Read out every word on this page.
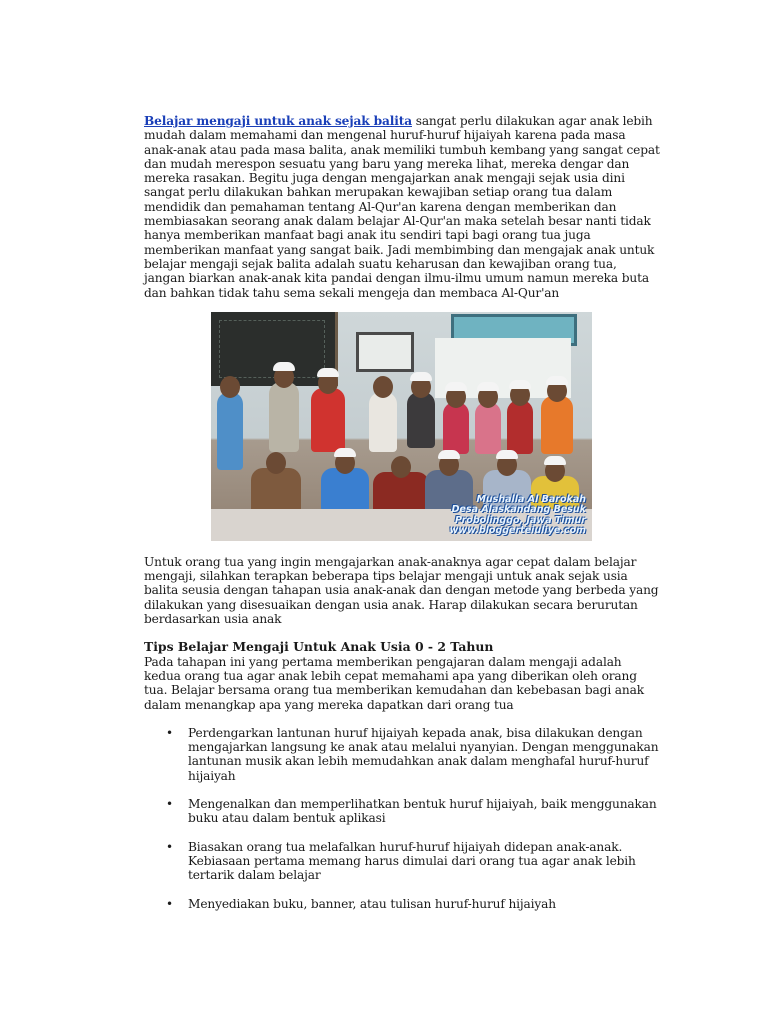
Belajar mengaji untuk anak sejak balita sangat perlu dilakukan agar anak lebih mudah dalam memahami dan mengenal huruf-huruf hijaiyah karena pada masa anak-anak atau pada masa balita, anak memiliki tumbuh kembang yang sangat cepat dan mudah merespon sesuatu yang baru yang mereka lihat, mereka dengar dan mereka rasakan. Begitu juga dengan mengajarkan anak mengaji sejak usia dini sangat perlu dilakukan bahkan merupakan kewajiban setiap orang tua dalam mendidik dan pemahaman tentang Al-Qur'an karena dengan memberikan dan membiasakan seorang anak dalam belajar Al-Qur'an maka setelah besar nanti tidak hanya memberikan manfaat bagi anak itu sendiri tapi bagi orang tua juga memberikan manfaat yang sangat baik. Jadi membimbing dan mengajak anak untuk belajar mengaji sejak balita adalah suatu keharusan dan kewajiban orang tua, jangan biarkan anak-anak kita pandai dengan ilmu-ilmu umum namun mereka buta dan bahkan tidak tahu sema sekali mengeja dan membaca Al-Qur'an

Mushalla Al Barokah
Desa Alaskandang Besuk
Probolinggo, Jawa Timur
www.bloggerteiuliye.com

Untuk orang tua yang ingin mengajarkan anak-anaknya agar cepat dalam belajar mengaji, silahkan terapkan beberapa tips belajar mengaji untuk anak sejak usia balita seusia dengan tahapan usia anak-anak dan dengan metode yang berbeda yang dilakukan yang disesuaikan dengan usia anak. Harap dilakukan secara berurutan berdasarkan usia anak

Tips Belajar Mengaji Untuk Anak Usia 0 - 2 Tahun

Pada tahapan ini yang pertama memberikan pengajaran dalam mengaji adalah kedua orang tua agar anak lebih cepat memahami apa yang diberikan oleh orang tua. Belajar bersama orang tua memberikan kemudahan dan kebebasan bagi anak dalam menangkap apa yang mereka dapatkan dari orang tua

• Perdengarkan lantunan huruf hijaiyah kepada anak, bisa dilakukan dengan mengajarkan langsung ke anak atau melalui nyanyian. Dengan menggunakan lantunan musik akan lebih memudahkan anak dalam menghafal huruf-huruf hijaiyah
• Mengenalkan dan memperlihatkan bentuk huruf hijaiyah, baik menggunakan buku atau dalam bentuk aplikasi
• Biasakan orang tua melafalkan huruf-huruf hijaiyah didepan anak-anak. Kebiasaan pertama memang harus dimulai dari orang tua agar anak lebih tertarik dalam belajar
• Menyediakan buku, banner, atau tulisan huruf-huruf hijaiyah
